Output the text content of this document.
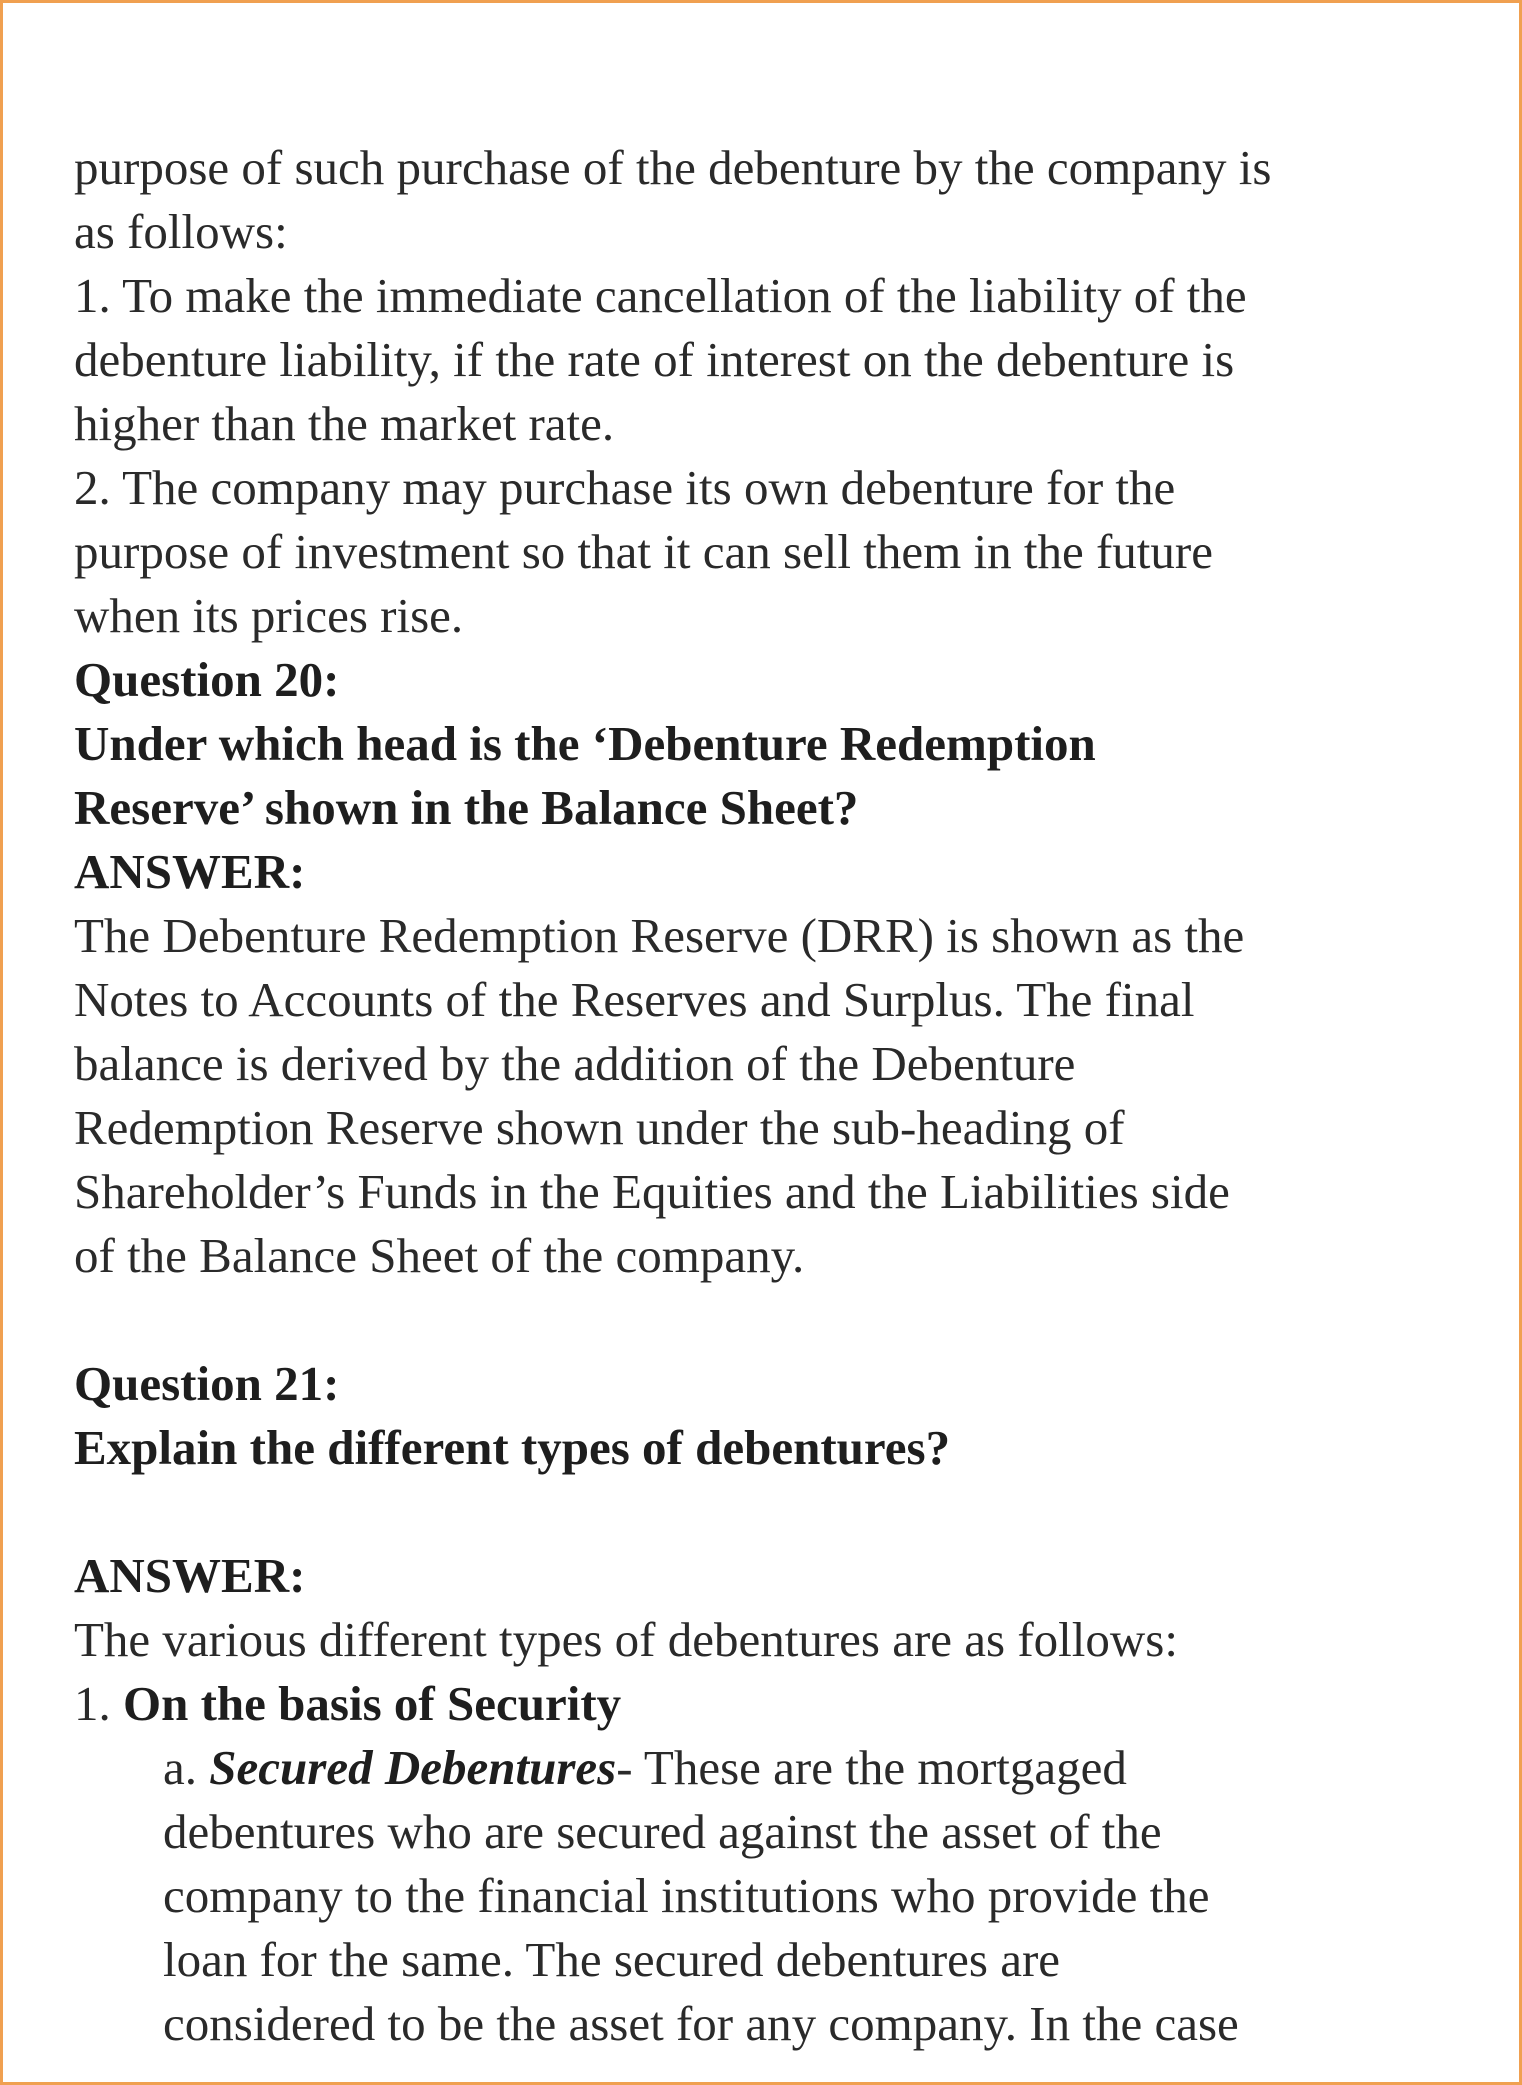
purpose of such purchase of the debenture by the company is
as follows:
1. To make the immediate cancellation of the liability of the
debenture liability, if the rate of interest on the debenture is
higher than the market rate.
2. The company may purchase its own debenture for the
purpose of investment so that it can sell them in the future
when its prices rise.
Question 20:
Under which head is the ‘Debenture Redemption
Reserve’ shown in the Balance Sheet?
ANSWER:
The Debenture Redemption Reserve (DRR) is shown as the
Notes to Accounts of the Reserves and Surplus. The final
balance is derived by the addition of the Debenture
Redemption Reserve shown under the sub-heading of
Shareholder’s Funds in the Equities and the Liabilities side
of the Balance Sheet of the company.
Question 21:
Explain the different types of debentures?
ANSWER:
The various different types of debentures are as follows:
1. On the basis of Security
a. Secured Debentures- These are the mortgaged
debentures who are secured against the asset of the
company to the financial institutions who provide the
loan for the same. The secured debentures are
considered to be the asset for any company. In the case
